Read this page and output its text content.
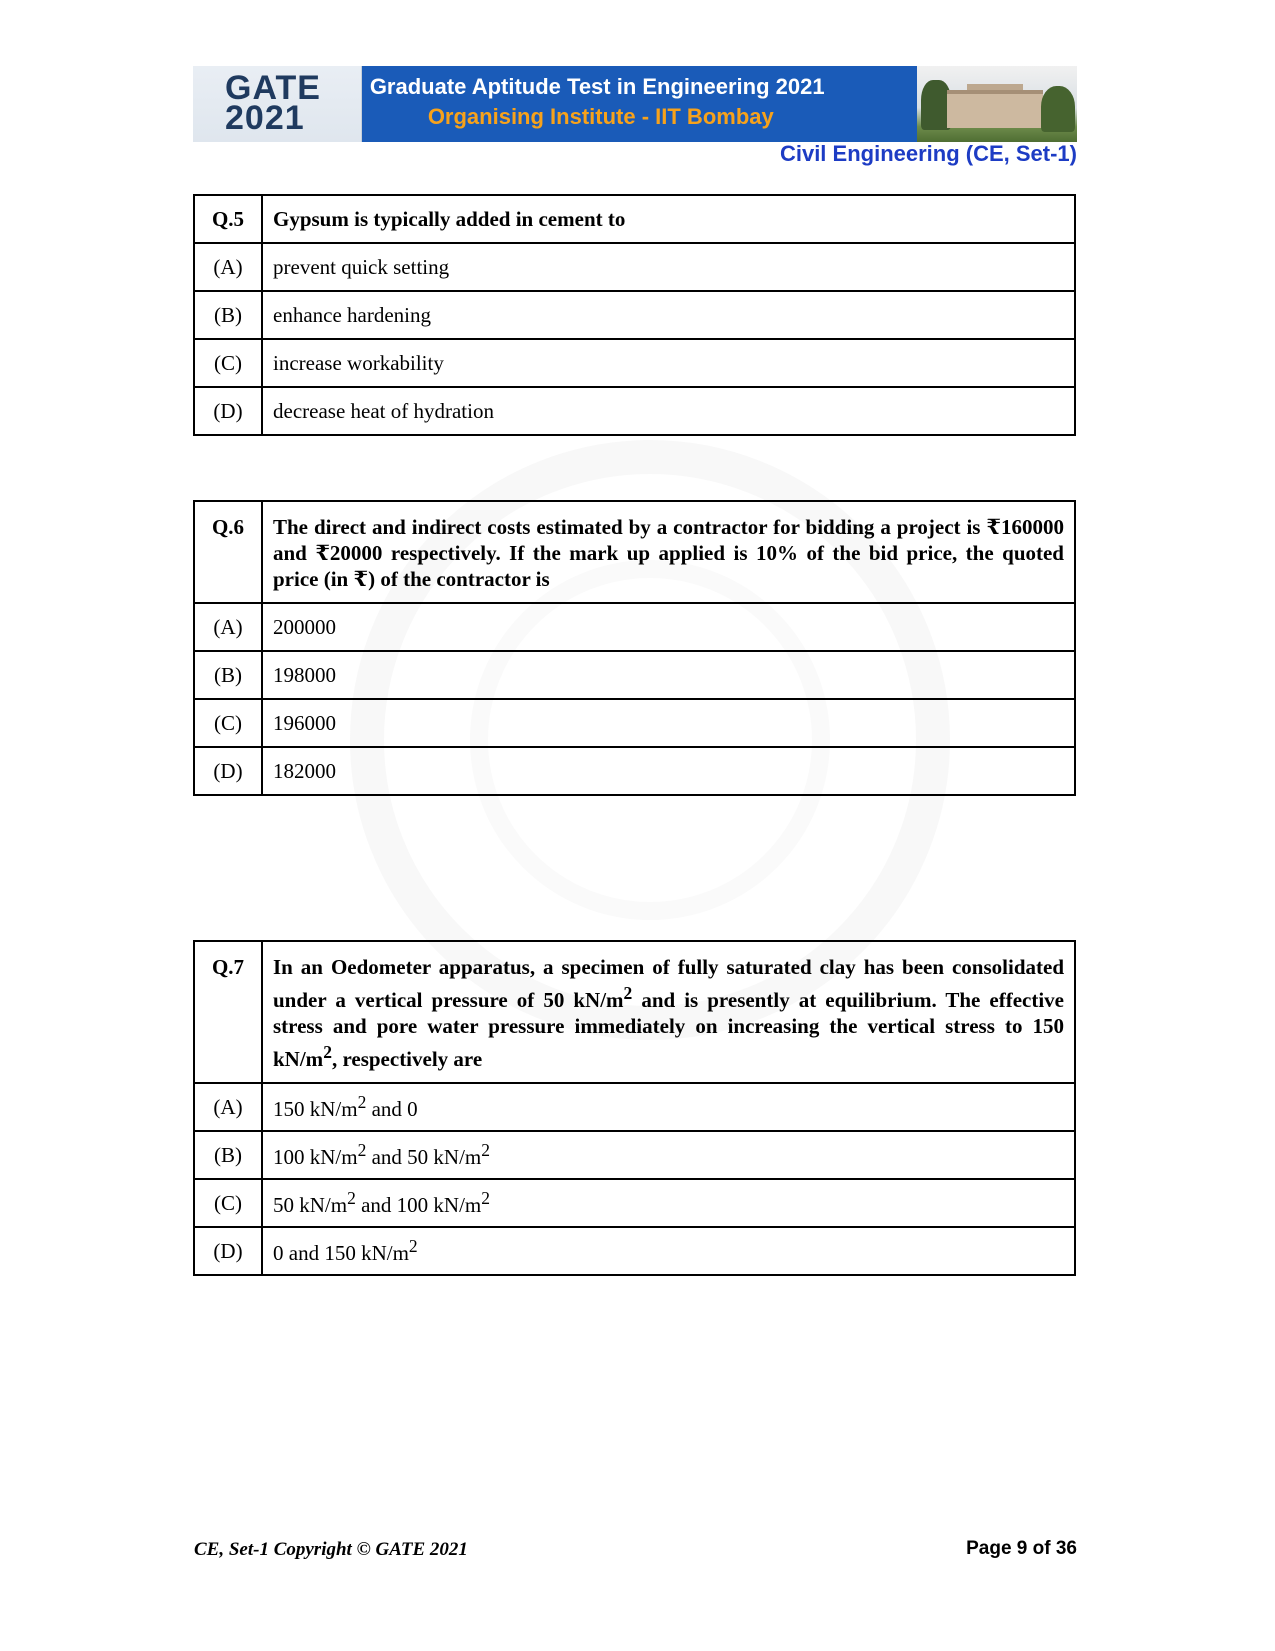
GATE
2021
Graduate Aptitude Test in Engineering 2021
Organising Institute - IIT Bombay
Civil Engineering (CE, Set-1)
Q.5	Gypsum is typically added in cement to
(A)	prevent quick setting
(B)	enhance hardening
(C)	increase workability
(D)	decrease heat of hydration
Q.6	The direct and indirect costs estimated by a contractor for bidding a project is ₹160000 and ₹20000 respectively. If the mark up applied is 10% of the bid price, the quoted price (in ₹) of the contractor is
(A)	200000
(B)	198000
(C)	196000
(D)	182000
Q.7	In an Oedometer apparatus, a specimen of fully saturated clay has been consolidated under a vertical pressure of 50 $kN/m^2$ and is presently at equilibrium. The effective stress and pore water pressure immediately on increasing the vertical stress to 150 $kN/m^2$, respectively are
(A)	150 $kN/m^2$ and 0
(B)	100 $kN/m^2$ and 50 $kN/m^2$
(C)	50 $kN/m^2$ and 100 $kN/m^2$
(D)	0 and 150 $kN/m^2$
CE, Set-1 Copyright © GATE 2021	Page 9 of 36
